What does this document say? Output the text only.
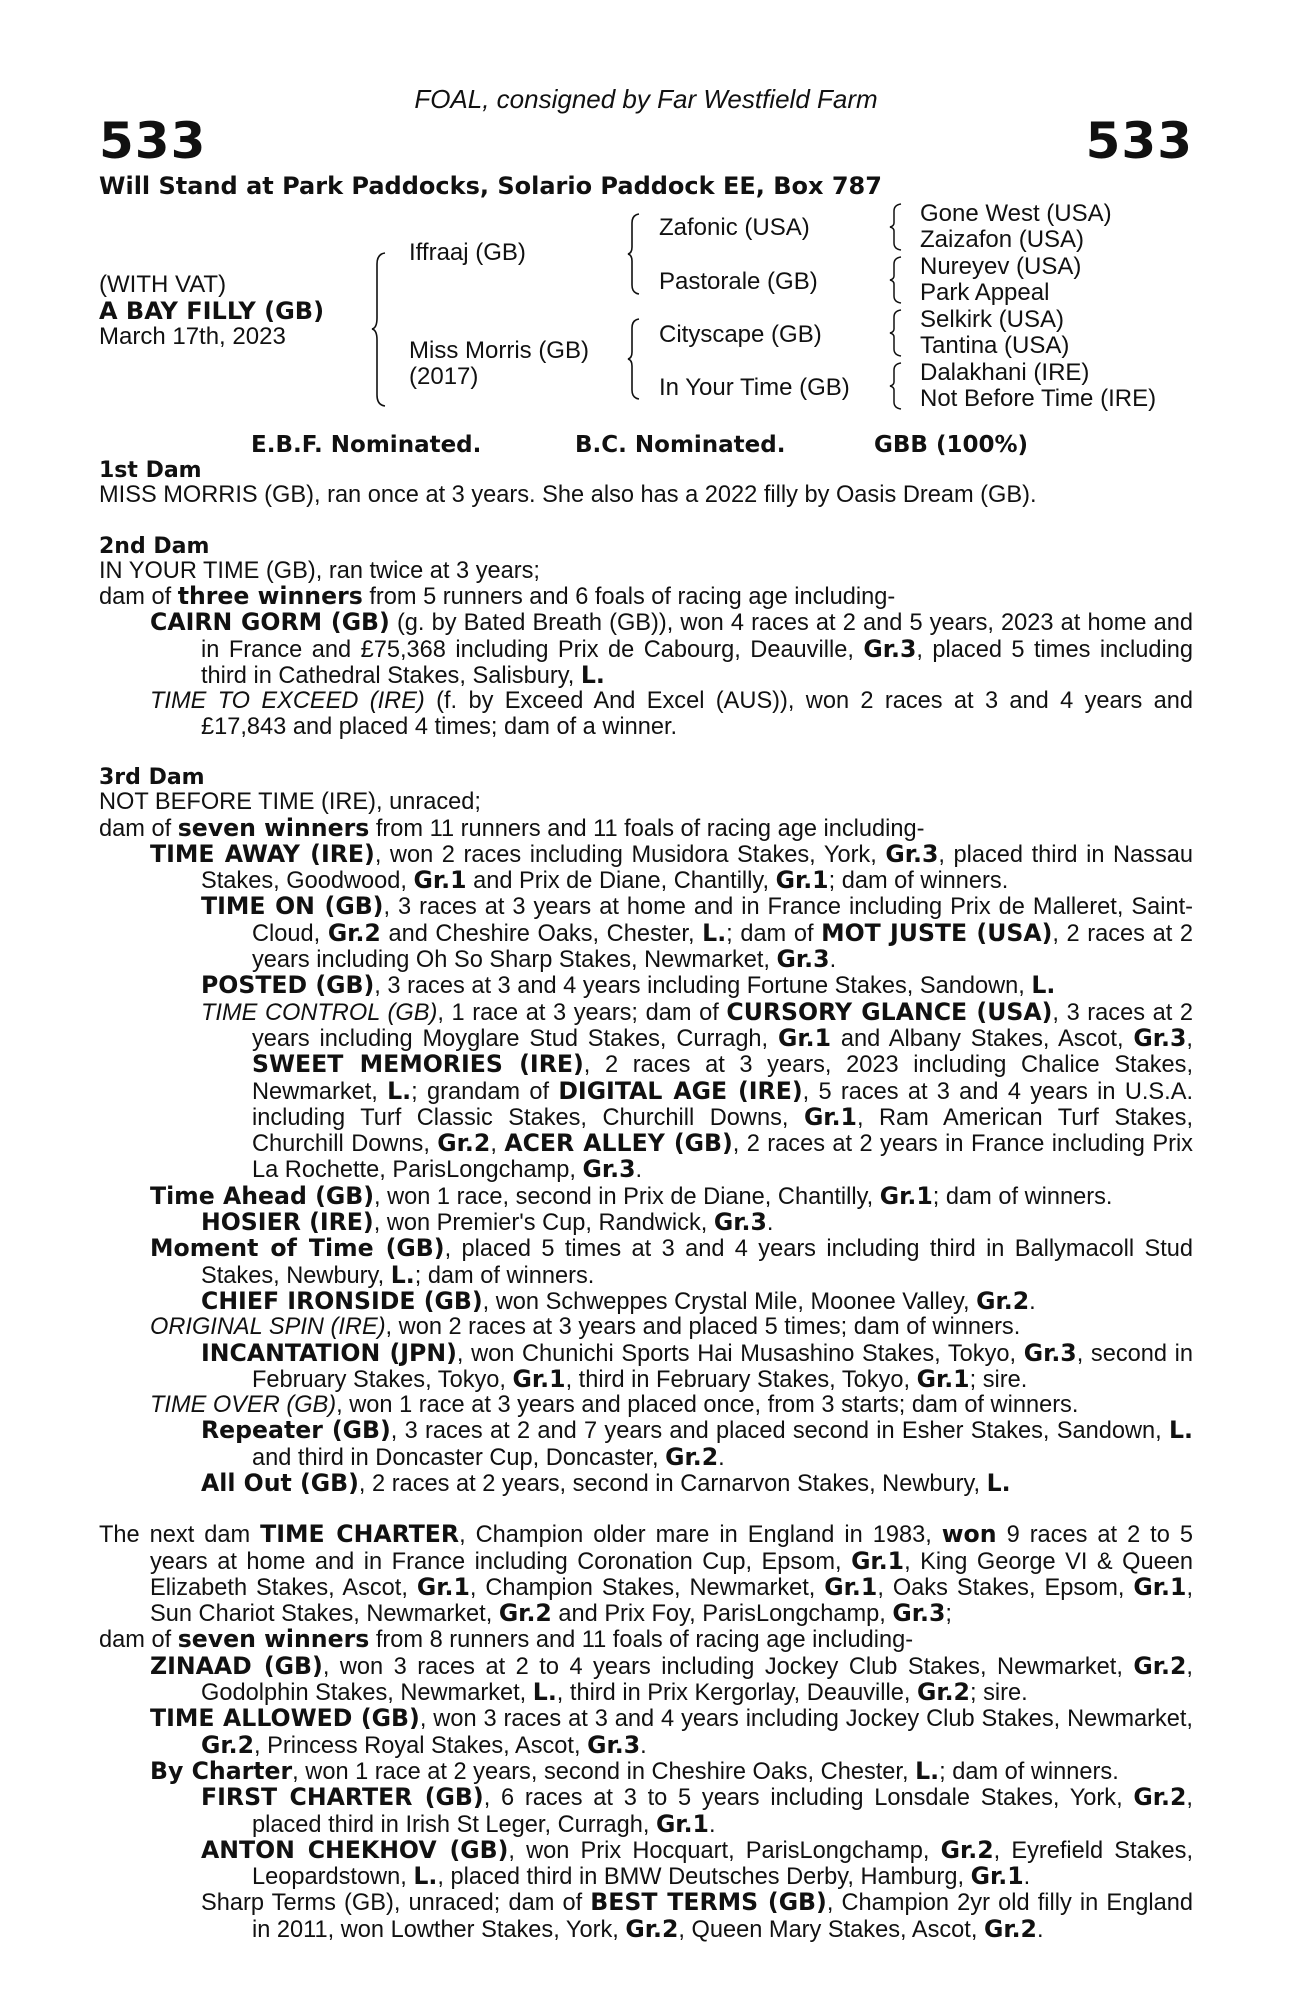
FOAL, consigned by Far Westfield Farm
533	533
Will Stand at Park Paddocks, Solario Paddock EE, Box 787
(WITH VAT)
A BAY FILLY (GB)
March 17th, 2023
Iffraaj (GB)
Miss Morris (GB)
(2017)
Zafonic (USA)
Pastorale (GB)
Cityscape (GB)
In Your Time (GB)
Gone West (USA)
Zaizafon (USA)
Nureyev (USA)
Park Appeal
Selkirk (USA)
Tantina (USA)
Dalakhani (IRE)
Not Before Time (IRE)
E.B.F. Nominated.	B.C. Nominated.	GBB (100%)

1st Dam

MISS MORRIS (GB), ran once at 3 years. She also has a 2022 filly by Oasis Dream (GB).

2nd Dam

IN YOUR TIME (GB), ran twice at 3 years;

dam of three winners from 5 runners and 6 foals of racing age including-

CAIRN GORM (GB) (g. by Bated Breath (GB)), won 4 races at 2 and 5 years, 2023 at home and in France and £75,368 including Prix de Cabourg, Deauville, Gr.3, placed 5 times including third in Cathedral Stakes, Salisbury, L.

TIME TO EXCEED (IRE) (f. by Exceed And Excel (AUS)), won 2 races at 3 and 4 years and £17,843 and placed 4 times; dam of a winner.

3rd Dam

NOT BEFORE TIME (IRE), unraced;

dam of seven winners from 11 runners and 11 foals of racing age including-

TIME AWAY (IRE), won 2 races including Musidora Stakes, York, Gr.3, placed third in Nassau Stakes, Goodwood, Gr.1 and Prix de Diane, Chantilly, Gr.1; dam of winners.

TIME ON (GB), 3 races at 3 years at home and in France including Prix de Malleret, Saint-Cloud, Gr.2 and Cheshire Oaks, Chester, L.; dam of MOT JUSTE (USA), 2 races at 2 years including Oh So Sharp Stakes, Newmarket, Gr.3.

POSTED (GB), 3 races at 3 and 4 years including Fortune Stakes, Sandown, L.

TIME CONTROL (GB), 1 race at 3 years; dam of CURSORY GLANCE (USA), 3 races at 2 years including Moyglare Stud Stakes, Curragh, Gr.1 and Albany Stakes, Ascot, Gr.3, SWEET MEMORIES (IRE), 2 races at 3 years, 2023 including Chalice Stakes, Newmarket, L.; grandam of DIGITAL AGE (IRE), 5 races at 3 and 4 years in U.S.A. including Turf Classic Stakes, Churchill Downs, Gr.1, Ram American Turf Stakes, Churchill Downs, Gr.2, ACER ALLEY (GB), 2 races at 2 years in France including Prix La Rochette, ParisLongchamp, Gr.3.

Time Ahead (GB), won 1 race, second in Prix de Diane, Chantilly, Gr.1; dam of winners.

HOSIER (IRE), won Premier's Cup, Randwick, Gr.3.

Moment of Time (GB), placed 5 times at 3 and 4 years including third in Ballymacoll Stud Stakes, Newbury, L.; dam of winners.

CHIEF IRONSIDE (GB), won Schweppes Crystal Mile, Moonee Valley, Gr.2.

ORIGINAL SPIN (IRE), won 2 races at 3 years and placed 5 times; dam of winners.

INCANTATION (JPN), won Chunichi Sports Hai Musashino Stakes, Tokyo, Gr.3, second in February Stakes, Tokyo, Gr.1, third in February Stakes, Tokyo, Gr.1; sire.

TIME OVER (GB), won 1 race at 3 years and placed once, from 3 starts; dam of winners.

Repeater (GB), 3 races at 2 and 7 years and placed second in Esher Stakes, Sandown, L. and third in Doncaster Cup, Doncaster, Gr.2.

All Out (GB), 2 races at 2 years, second in Carnarvon Stakes, Newbury, L.

The next dam TIME CHARTER, Champion older mare in England in 1983, won 9 races at 2 to 5 years at home and in France including Coronation Cup, Epsom, Gr.1, King George VI & Queen Elizabeth Stakes, Ascot, Gr.1, Champion Stakes, Newmarket, Gr.1, Oaks Stakes, Epsom, Gr.1, Sun Chariot Stakes, Newmarket, Gr.2 and Prix Foy, ParisLongchamp, Gr.3;

dam of seven winners from 8 runners and 11 foals of racing age including-

ZINAAD (GB), won 3 races at 2 to 4 years including Jockey Club Stakes, Newmarket, Gr.2, Godolphin Stakes, Newmarket, L., third in Prix Kergorlay, Deauville, Gr.2; sire.

TIME ALLOWED (GB), won 3 races at 3 and 4 years including Jockey Club Stakes, Newmarket, Gr.2, Princess Royal Stakes, Ascot, Gr.3.

By Charter, won 1 race at 2 years, second in Cheshire Oaks, Chester, L.; dam of winners.

FIRST CHARTER (GB), 6 races at 3 to 5 years including Lonsdale Stakes, York, Gr.2, placed third in Irish St Leger, Curragh, Gr.1.

ANTON CHEKHOV (GB), won Prix Hocquart, ParisLongchamp, Gr.2, Eyrefield Stakes, Leopardstown, L., placed third in BMW Deutsches Derby, Hamburg, Gr.1.

Sharp Terms (GB), unraced; dam of BEST TERMS (GB), Champion 2yr old filly in England in 2011, won Lowther Stakes, York, Gr.2, Queen Mary Stakes, Ascot, Gr.2.
